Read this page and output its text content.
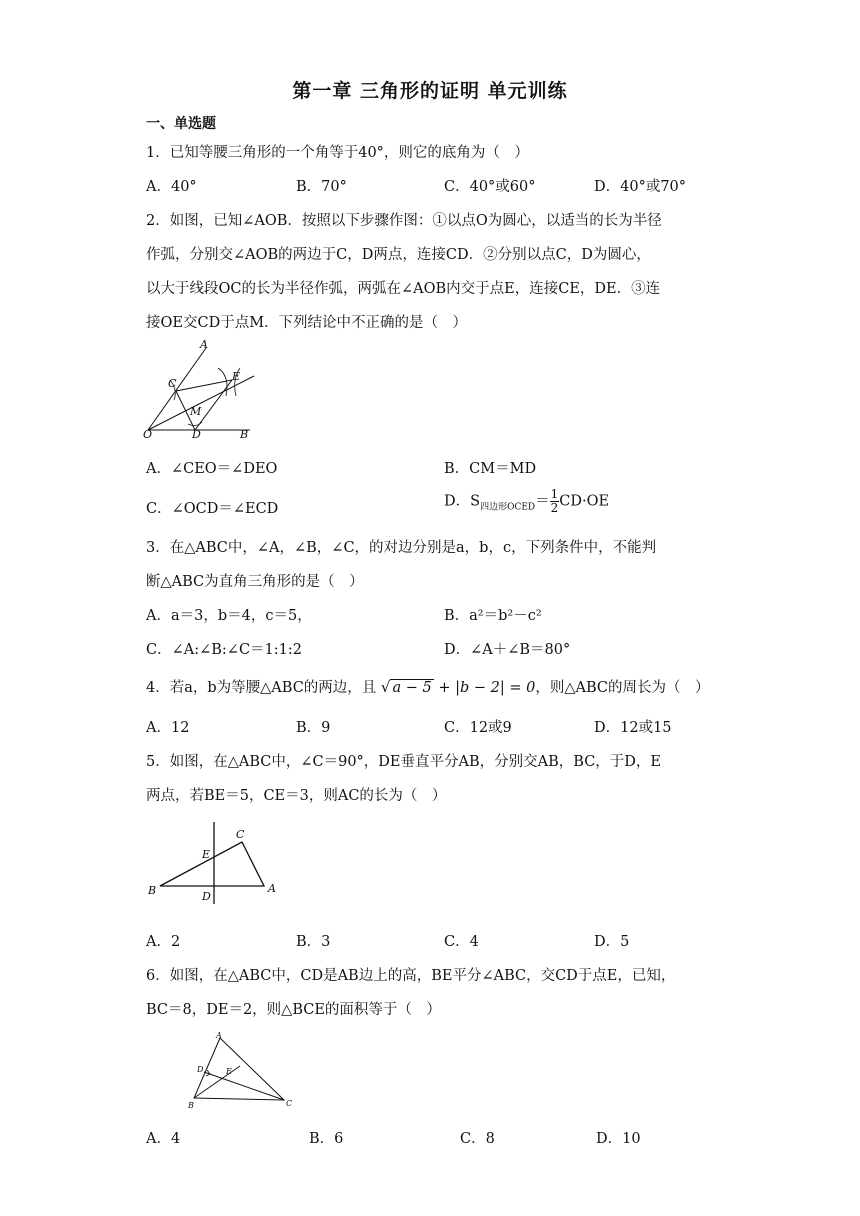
第一章 三角形的证明 单元训练
一、单选题
1．已知等腰三角形的一个角等于40°，则它的底角为（　）
A．40°	B．70°	C．40°或60°	D．40°或70°
2．如图，已知∠AOB．按照以下步骤作图：①以点O为圆心，以适当的长为半径
作弧，分别交∠AOB的两边于C，D两点，连接CD．②分别以点C，D为圆心，
以大于线段OC的长为半径作弧，两弧在∠AOB内交于点E，连接CE，DE．③连
接OE交CD于点M．下列结论中不正确的是（　）
A
C
E
M
O	D	B
A．∠CEO＝∠DEO	B．CM＝MD
C．∠OCD＝∠ECD	D．$S_{四边形OCED}= \frac{1}{2} CD\cdot OE$
3．在△ABC中，∠A，∠B，∠C，的对边分别是a，b，c，下列条件中，不能判
断△ABC为直角三角形的是（　）
A．a＝3，b＝4，c＝5，	B．a²＝b²－c²
C．∠A:∠B:∠C＝1:1:2	D．∠A＋∠B＝80°
4．若a，b为等腰△ABC的两边，且 √ a − 5 + |b − 2| = 0，则△ABC的周长为（　）
A．12	B．9	C．12或9	D．12或15
5．如图，在△ABC中，∠C＝90°，DE垂直平分AB，分别交AB，BC，于D，E
两点，若BE＝5，CE＝3，则AC的长为（　）
C
E
B	D
A
A．2	B．3	C．4	D．5
6．如图，在△ABC中，CD是AB边上的高，BE平分∠ABC，交CD于点E，已知，
BC＝8，DE＝2，则△BCE的面积等于（　）
A
D	E
B	C
A．4	B．6	C．8	D．10
